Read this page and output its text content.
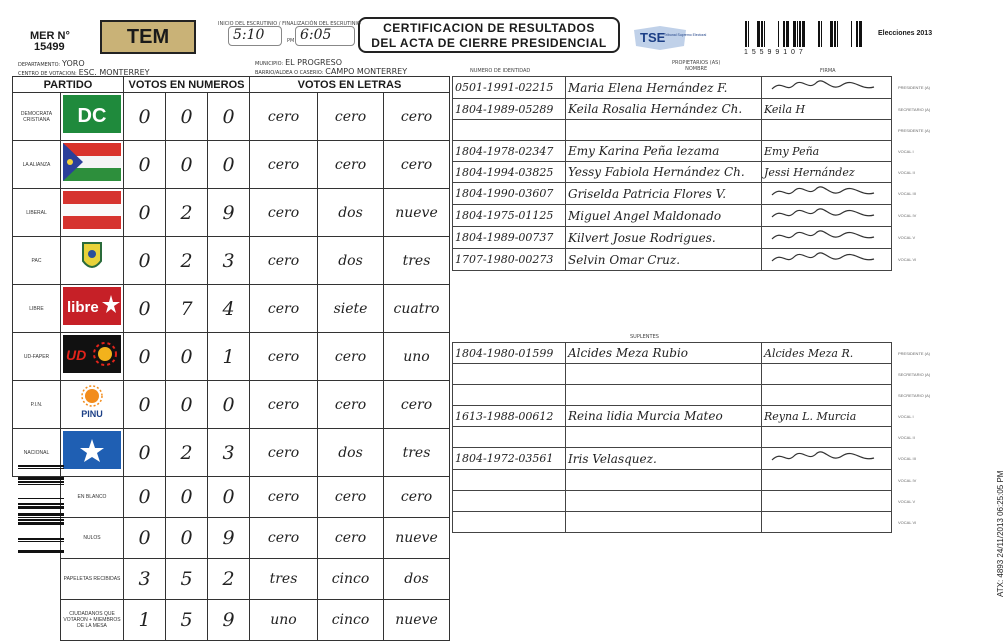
MER N°
15499	TEM
INICIO DEL ESCRUTINIO / FINALIZACIÓN DEL ESCRUTINIO
5:10	PM 6:05	CERTIFICACION DE RESULTADOS
DEL ACTA DE CIERRE PRESIDENCIAL	TSE
Tribunal Supremo Electoral
1 5 5 9 9 1 0 7
Elecciones 2013
DEPARTAMENTO: YORO	MUNICIPIO: EL PROGRESO
CENTRO DE VOTACION: ESC. MONTERREY	BARRIO/ALDEA O CASERIO: CAMPO MONTERREY	NUMERO DE IDENTIDAD
PROPIETARIOS (AS)
NOMBRE	FIRMA
PARTIDO		VOTOS EN NUMEROS			VOTOS EN LETRAS		
DEMOCRATA CRISTIANA	DC	0	0	0	cero	cero	cero
LA ALIANZA		0	0	0	cero	cero	cero
LIBERAL		0	2	9	cero	dos	nueve
PAC		0	2	3	cero	dos	tres
LIBRE	libre	0	7	4	cero	siete	cuatro
UD-FAPER	UD	0	0	1	cero	cero	uno
P.I.N.	PINU	0	0	0	cero	cero	cero
NACIONAL		0	2	3	cero	dos	tres
	EN BLANCO	0	0	0	cero	cero	cero
	NULOS	0	0	9	cero	cero	nueve
	PAPELETAS RECIBIDAS	3	5	2	tres	cinco	dos
	CIUDADANOS QUE VOTARON + MIEMBROS DE LA MESA	1	5	9	uno	cinco	nueve
0501-1991-02215	Maria Elena Hernández F.	
1804-1989-05289	Keila Rosalia Hernández Ch.	Keila H

1804-1978-02347	Emy Karina Peña lezama	Emy Peña
1804-1994-03825	Yessy Fabiola Hernández Ch.	Jessi Hernández
1804-1990-03607	Griselda Patricia Flores V.	
1804-1975-01125	Miguel Angel Maldonado	
1804-1989-00737	Kilvert Josue Rodrigues.	
1707-1980-00273	Selvin Omar Cruz.	
SUPLENTES
1804-1980-01599	Alcides Meza Rubio	Alcides Meza R.

1613-1988-00612	Reina lidia Murcia Mateo	Reyna L. Murcia

1804-1972-03561	Iris Velasquez.	

PRESIDENTE (A)
SECRETARIO (A)
PRESIDENTE (A)
VOCAL I
VOCAL II
VOCAL III
VOCAL IV
VOCAL V
VOCAL VI
PRESIDENTE (A)
SECRETARIO (A)
SECRETARIO (A)
VOCAL I
VOCAL II
VOCAL III
VOCAL IV
VOCAL V
VOCAL VI	ATX: 4893 24/11/2013 06:25:05 PM
